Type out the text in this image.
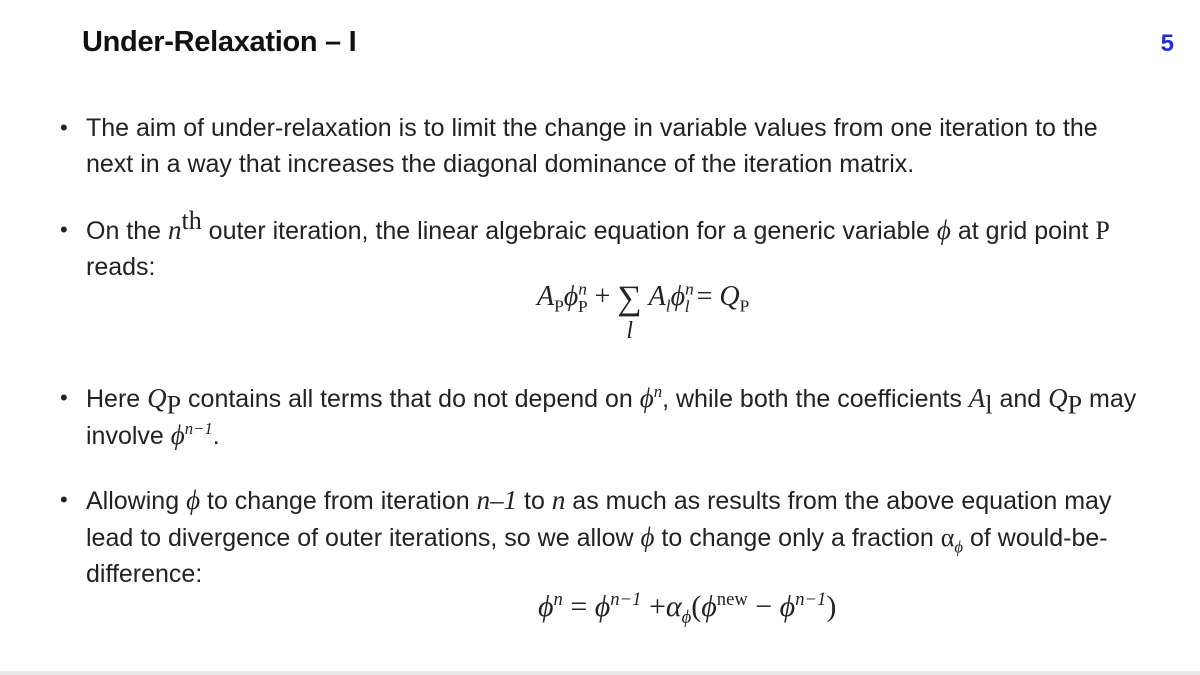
Under-Relaxation – I	5
• The aim of under-relaxation is to limit the change in variable values from one iteration to the next in a way that increases the diagonal dominance of the iteration matrix.
• On the $n^{th}$ outer iteration, the linear algebraic equation for a generic variable ϕ at grid point P reads:
$A_P\phi^n_P$ + ∑
l
$A_l\phi^n_l = Q_P$
• Here $Q_P$ contains all terms that do not depend on $\phi^n$, while both the coefficients $A_l$ and $Q_P$ may involve $\phi^{n-1}$.
• Allowing ϕ to change from iteration n–1 to n as much as results from the above equation may lead to divergence of outer iterations, so we allow ϕ to change only a fraction $\alpha_\phi$ of would-be-difference:
$\phi^n = \phi^{n-1} +\alpha_\phi(\phi^{new} - \phi^{n-1})$
